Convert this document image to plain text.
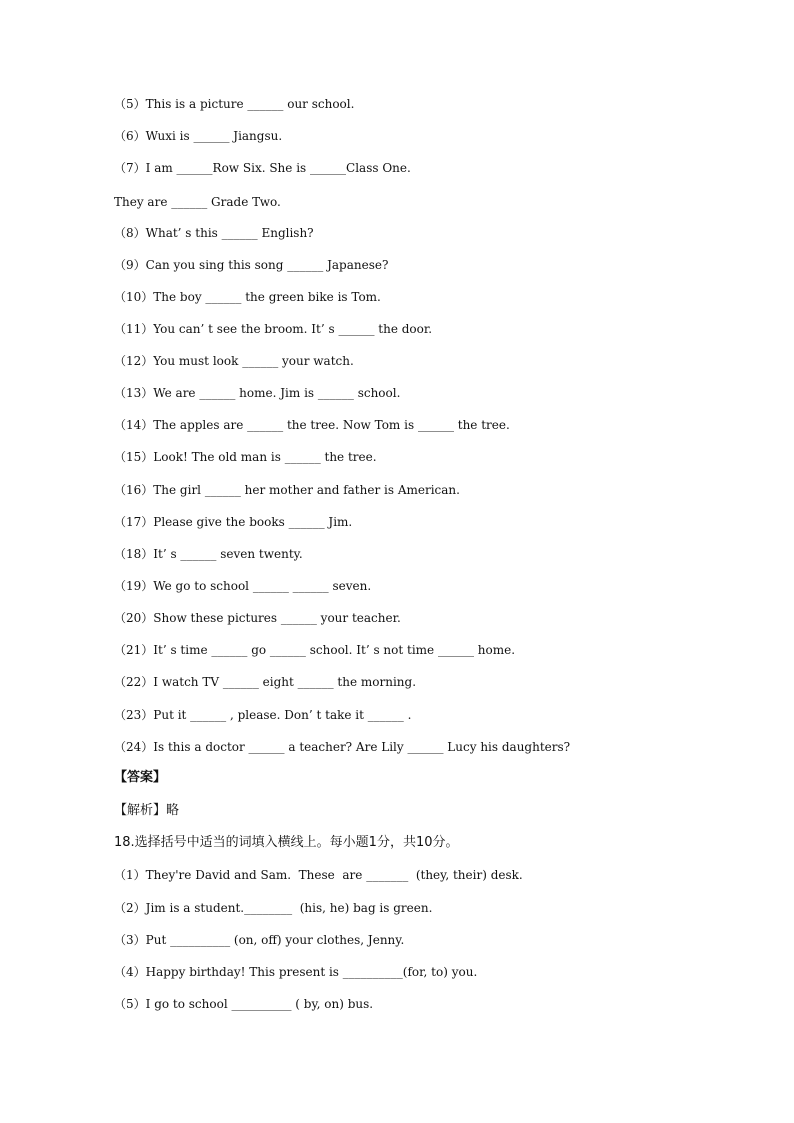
（5）This is a picture ______ our school.
（6）Wuxi is ______ Jiangsu.
（7）I am ______Row Six. She is ______Class One.
They are ______ Grade Two.
（8）What’ s this ______ English?
（9）Can you sing this song ______ Japanese?
（10）The boy ______ the green bike is Tom.
（11）You can’ t see the broom. It’ s ______ the door.
（12）You must look ______ your watch.
（13）We are ______ home. Jim is ______ school.
（14）The apples are ______ the tree. Now Tom is ______ the tree.
（15）Look! The old man is ______ the tree.
（16）The girl ______ her mother and father is American.
（17）Please give the books ______ Jim.
（18）It’ s ______ seven twenty.
（19）We go to school ______ ______ seven.
（20）Show these pictures ______ your teacher.
（21）It’ s time ______ go ______ school. It’ s not time ______ home.
（22）I watch TV ______ eight ______ the morning.
（23）Put it ______ , please. Don’ t take it ______ .
（24）Is this a doctor ______ a teacher? Are Lily ______ Lucy his daughters?
【答案】
【解析】略
18.选择括号中适当的词填入横线上。每小题1分，共10分。
（1）They're David and Sam.  These  are _______  (they, their) desk.
（2）Jim is a student.________  (his, he) bag is green.
（3）Put __________ (on, off) your clothes, Jenny.
（4）Happy birthday! This present is __________(for, to) you.
（5）I go to school __________ ( by, on) bus.
